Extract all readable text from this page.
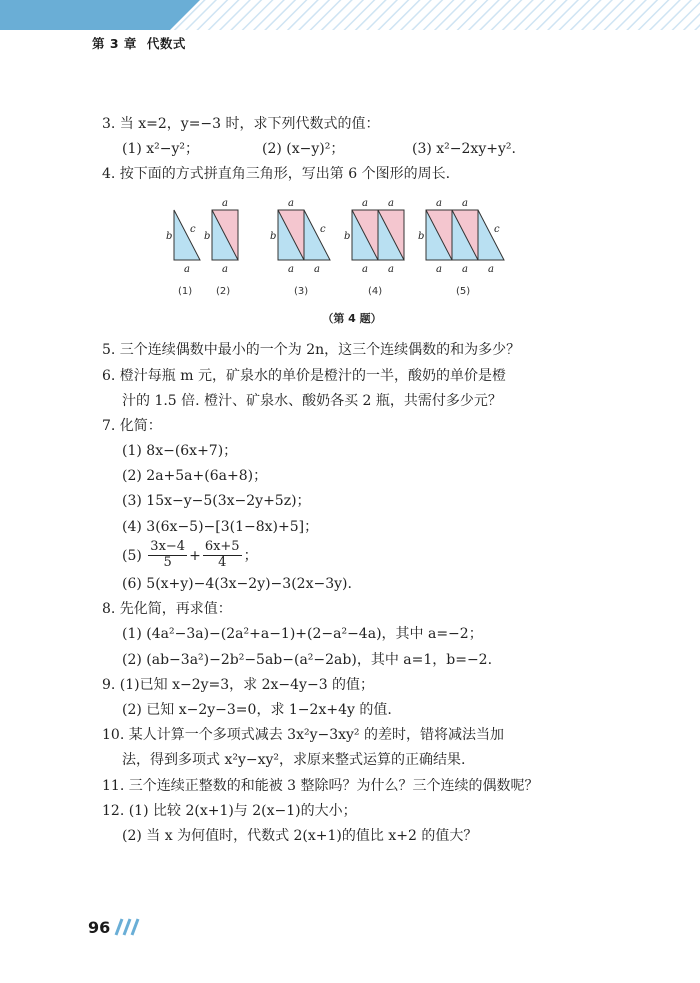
第 3 章 代数式

3. 当 x=2，y=−3 时，求下列代数式的值：

(1) x²−y²；	(2) (x−y)²；	(3) x²−2xy+y².

4. 按下面的方式拼直角三角形，写出第 6 个图形的周长.

b
c
a
a
b
a
a
b
c
a a
a a
b
a a
a a
b
c
a a a
(1) (2)	(3)	(4)	(5)
（第 4 题）

5. 三个连续偶数中最小的一个为 2n，这三个连续偶数的和为多少？

6. 橙汁每瓶 m 元，矿泉水的单价是橙汁的一半，酸奶的单价是橙

汁的 1.5 倍. 橙汁、矿泉水、酸奶各买 2 瓶，共需付多少元？

7. 化简：

(1) 8x−(6x+7)；

(2) 2a+5a+(6a+8)；

(3) 15x−y−5(3x−2y+5z)；

(4) 3(6x−5)−[3(1−8x)+5]；

$(5) \frac{3x-4}{5} + \frac{6x+5}{4}$ ；

(6) 5(x+y)−4(3x−2y)−3(2x−3y).

8. 先化简，再求值：

(1) (4a²−3a)−(2a²+a−1)+(2−a²−4a)，其中 a=−2；

(2) (ab−3a²)−2b²−5ab−(a²−2ab)，其中 a=1，b=−2.

9. (1)已知 x−2y=3，求 2x−4y−3 的值；

(2) 已知 x−2y−3=0，求 1−2x+4y 的值.

10. 某人计算一个多项式减去 3x²y−3xy² 的差时，错将减法当加

法，得到多项式 x²y−xy²，求原来整式运算的正确结果.

11. 三个连续正整数的和能被 3 整除吗？为什么？三个连续的偶数呢？

12. (1) 比较 2(x+1)与 2(x−1)的大小；

(2) 当 x 为何值时，代数式 2(x+1)的值比 x+2 的值大？

96
